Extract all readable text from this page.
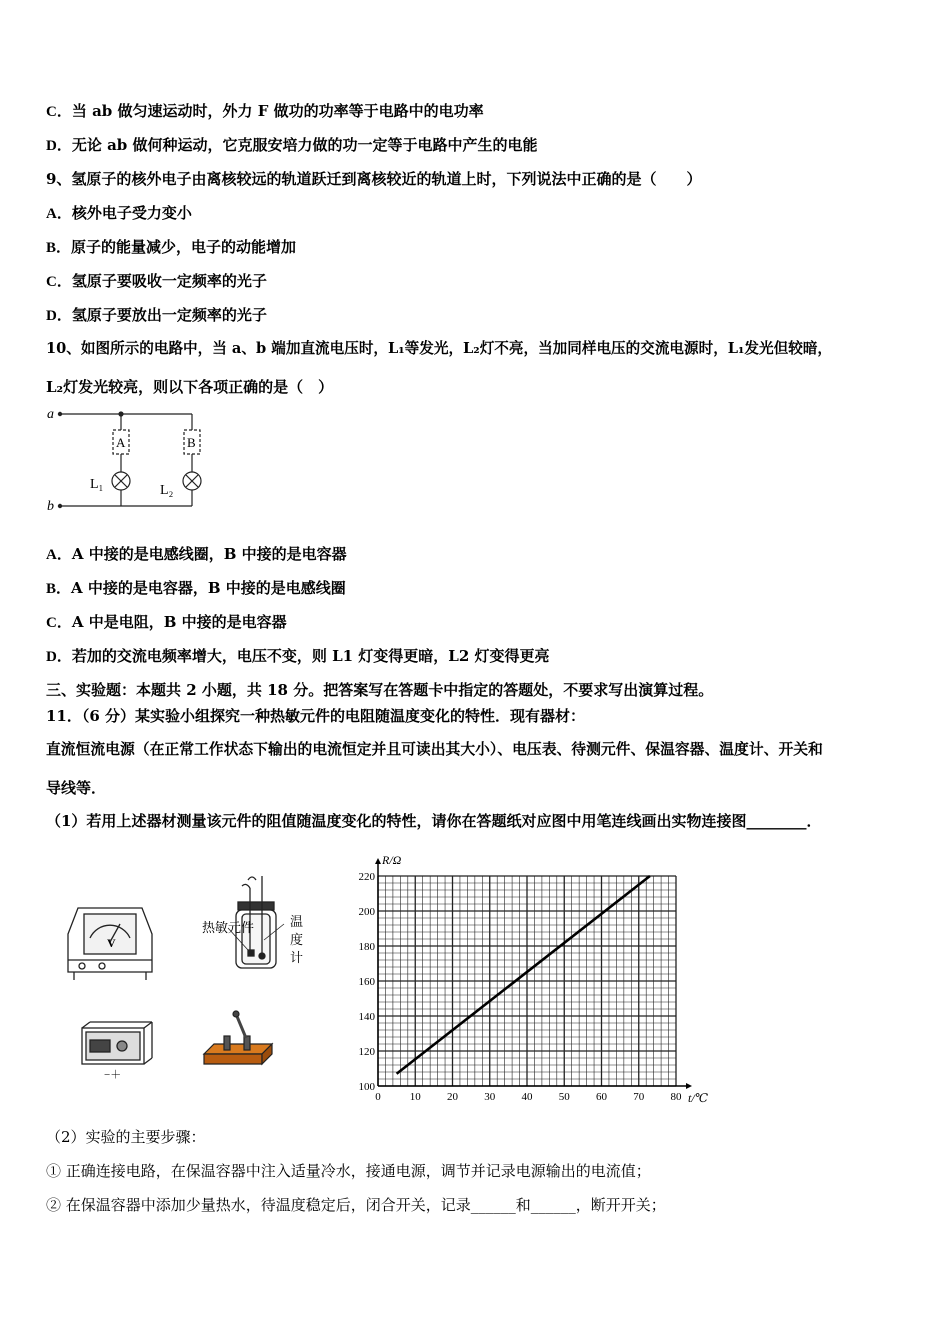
C．当 ab 做匀速运动时，外力 F 做功的功率等于电路中的电功率
D．无论 ab 做何种运动，它克服安培力做的功一定等于电路中产生的电能
9、氢原子的核外电子由离核较远的轨道跃迁到离核较近的轨道上时，下列说法中正确的是（　　）
A．核外电子受力变小
B．原子的能量减少，电子的动能增加
C．氢原子要吸收一定频率的光子
D．氢原子要放出一定频率的光子
10、如图所示的电路中，当 a、b 端加直流电压时，L₁等发光，L₂灯不亮，当加同样电压的交流电源时，L₁发光但较暗，
L₂灯发光较亮，则以下各项正确的是（　）
a
b
A	B
L₁	L₂
A．A 中接的是电感线圈，B 中接的是电容器
B．A 中接的是电容器，B 中接的是电感线圈
C．A 中是电阻，B 中接的是电容器
D．若加的交流电频率增大，电压不变，则 L1 灯变得更暗，L2 灯变得更亮
三、实验题：本题共 2 小题，共 18 分。把答案写在答题卡中指定的答题处，不要求写出演算过程。
11．（6 分）某实验小组探究一种热敏元件的电阻随温度变化的特性．现有器材：
直流恒流电源（在正常工作状态下输出的电流恒定并且可读出其大小）、电压表、待测元件、保温容器、温度计、开关和
导线等．
（1）若用上述器材测量该元件的阻值随温度变化的特性，请你在答题纸对应图中用笔连线画出实物连接图________．
V
热敏元件	温
度
计
−＋
0	10 20 30 40 50 60 70 80
100
120
140
160
180
200
220
R/Ω
t/℃
（2）实验的主要步骤：
① 正确连接电路，在保温容器中注入适量冷水，接通电源，调节并记录电源输出的电流值；
② 在保温容器中添加少量热水，待温度稳定后，闭合开关，记录______和______，断开开关；
